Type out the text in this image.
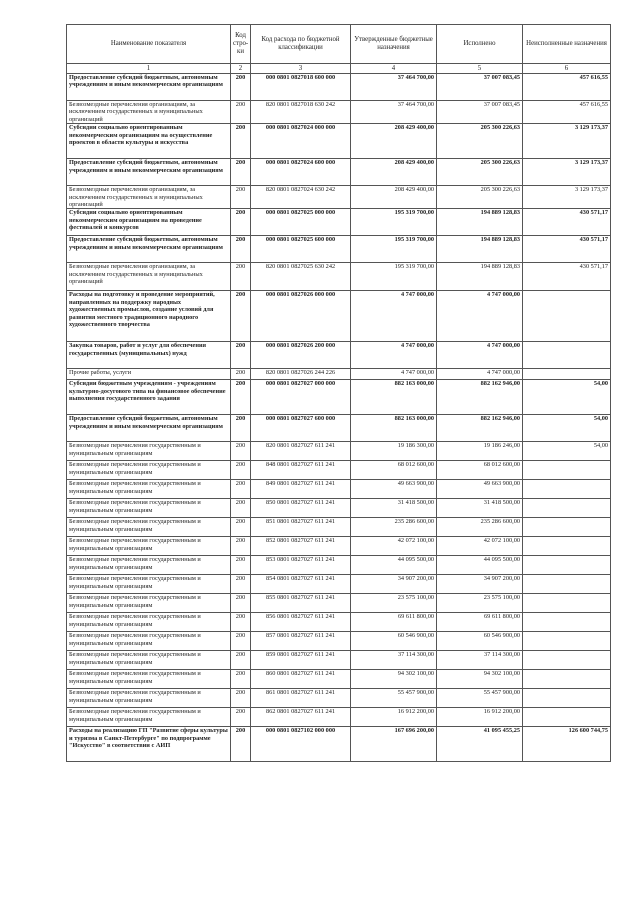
Наименование показателя	Код стро-ки	Код расхода по бюджетной классификации	Утвержденные бюджетные назначения	Исполнено	Неисполненные назначения
1	2	3	4	5	6
Предоставление субсидий бюджетным, автономным учреждениям и иным некоммерческим организациям	200	000 0801 0827018 600 000	37 464 700,00	37 007 083,45	457 616,55
Безвозмездные перечисления организациям, за исключением государственных и муниципальных организаций	200	820 0801 0827018 630 242	37 464 700,00	37 007 083,45	457 616,55
Субсидии социально ориентированным некоммерческим организациям на осуществление проектов в области культуры и искусства	200	000 0801 0827024 000 000	208 429 400,00	205 300 226,63	3 129 173,37
Предоставление субсидий бюджетным, автономным учреждениям и иным некоммерческим организациям	200	000 0801 0827024 600 000	208 429 400,00	205 300 226,63	3 129 173,37
Безвозмездные перечисления организациям, за исключением государственных и муниципальных организаций	200	820 0801 0827024 630 242	208 429 400,00	205 300 226,63	3 129 173,37
Субсидии социально ориентированным некоммерческим организациям на проведение фестивалей и конкурсов	200	000 0801 0827025 000 000	195 319 700,00	194 889 128,83	430 571,17
Предоставление субсидий бюджетным, автономным учреждениям и иным некоммерческим организациям	200	000 0801 0827025 600 000	195 319 700,00	194 889 128,83	430 571,17
Безвозмездные перечисления организациям, за исключением государственных и муниципальных организаций	200	820 0801 0827025 630 242	195 319 700,00	194 889 128,83	430 571,17
Расходы на подготовку и проведение мероприятий, направленных на поддержку народных художественных промыслов, создание условий для развития местного традиционного народного художественного творчества	200	000 0801 0827026 000 000	4 747 000,00	4 747 000,00	
Закупка товаров, работ и услуг для обеспечения государственных (муниципальных) нужд	200	000 0801 0827026 200 000	4 747 000,00	4 747 000,00	
Прочие работы, услуги	200	820 0801 0827026 244 226	4 747 000,00	4 747 000,00	
Субсидии бюджетным учреждениям - учреждениям культурно-досугового типа на финансовое обеспечение выполнения государственного задания	200	000 0801 0827027 000 000	882 163 000,00	882 162 946,00	54,00
Предоставление субсидий бюджетным, автономным учреждениям и иным некоммерческим организациям	200	000 0801 0827027 600 000	882 163 000,00	882 162 946,00	54,00
Безвозмездные перечисления государственным и муниципальным организациям	200	820 0801 0827027 611 241	19 186 300,00	19 186 246,00	54,00
Безвозмездные перечисления государственным и муниципальным организациям	200	848 0801 0827027 611 241	68 012 600,00	68 012 600,00	
Безвозмездные перечисления государственным и муниципальным организациям	200	849 0801 0827027 611 241	49 663 900,00	49 663 900,00	
Безвозмездные перечисления государственным и муниципальным организациям	200	850 0801 0827027 611 241	31 418 500,00	31 418 500,00	
Безвозмездные перечисления государственным и муниципальным организациям	200	851 0801 0827027 611 241	235 286 600,00	235 286 600,00	
Безвозмездные перечисления государственным и муниципальным организациям	200	852 0801 0827027 611 241	42 072 100,00	42 072 100,00	
Безвозмездные перечисления государственным и муниципальным организациям	200	853 0801 0827027 611 241	44 095 500,00	44 095 500,00	
Безвозмездные перечисления государственным и муниципальным организациям	200	854 0801 0827027 611 241	34 907 200,00	34 907 200,00	
Безвозмездные перечисления государственным и муниципальным организациям	200	855 0801 0827027 611 241	23 575 100,00	23 575 100,00	
Безвозмездные перечисления государственным и муниципальным организациям	200	856 0801 0827027 611 241	69 611 800,00	69 611 800,00	
Безвозмездные перечисления государственным и муниципальным организациям	200	857 0801 0827027 611 241	60 546 900,00	60 546 900,00	
Безвозмездные перечисления государственным и муниципальным организациям	200	859 0801 0827027 611 241	37 114 300,00	37 114 300,00	
Безвозмездные перечисления государственным и муниципальным организациям	200	860 0801 0827027 611 241	94 302 100,00	94 302 100,00	
Безвозмездные перечисления государственным и муниципальным организациям	200	861 0801 0827027 611 241	55 457 900,00	55 457 900,00	
Безвозмездные перечисления государственным и муниципальным организациям	200	862 0801 0827027 611 241	16 912 200,00	16 912 200,00	
Расходы на реализацию ГП "Развитие сферы культуры и туризма в Санкт-Петербурге" по подпрограмме "Искусство" в соответствии с АИП	200	000 0801 0827102 000 000	167 696 200,00	41 095 455,25	126 600 744,75
